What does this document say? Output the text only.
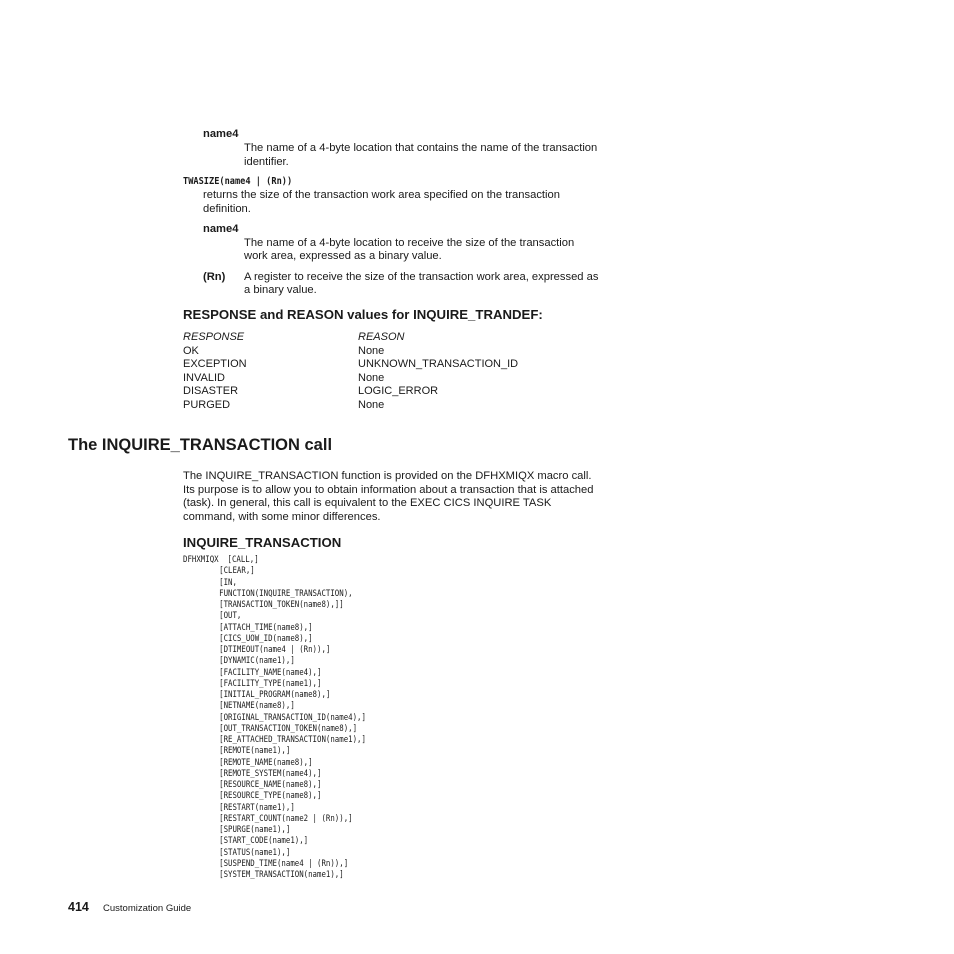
name4
The name of a 4-byte location that contains the name of the transaction
identifier.
TWASIZE(name4 | (Rn))
returns the size of the transaction work area specified on the transaction
definition.
name4
The name of a 4-byte location to receive the size of the transaction
work area, expressed as a binary value.
(Rn) A register to receive the size of the transaction work area, expressed as
a binary value.
RESPONSE and REASON values for INQUIRE_TRANDEF:
RESPONSE	REASON
OK	None
EXCEPTION	UNKNOWN_TRANSACTION_ID
INVALID	None
DISASTER	LOGIC_ERROR
PURGED	None
The INQUIRE_TRANSACTION call
The INQUIRE_TRANSACTION function is provided on the DFHXMIQX macro call.
Its purpose is to allow you to obtain information about a transaction that is attached
(task). In general, this call is equivalent to the EXEC CICS INQUIRE TASK
command, with some minor differences.
INQUIRE_TRANSACTION
DFHXMIQX  [CALL,]
[CLEAR,]
[IN,
FUNCTION(INQUIRE_TRANSACTION),
[TRANSACTION_TOKEN(name8),]]
[OUT,
[ATTACH_TIME(name8),]
[CICS_UOW_ID(name8),]
[DTIMEOUT(name4 | (Rn)),]
[DYNAMIC(name1),]
[FACILITY_NAME(name4),]
[FACILITY_TYPE(name1),]
[INITIAL_PROGRAM(name8),]
[NETNAME(name8),]
[ORIGINAL_TRANSACTION_ID(name4),]
[OUT_TRANSACTION_TOKEN(name8),]
[RE_ATTACHED_TRANSACTION(name1),]
[REMOTE(name1),]
[REMOTE_NAME(name8),]
[REMOTE_SYSTEM(name4),]
[RESOURCE_NAME(name8),]
[RESOURCE_TYPE(name8),]
[RESTART(name1),]
[RESTART_COUNT(name2 | (Rn)),]
[SPURGE(name1),]
[START_CODE(name1),]
[STATUS(name1),]
[SUSPEND_TIME(name4 | (Rn)),]
[SYSTEM_TRANSACTION(name1),]
414 Customization Guide
